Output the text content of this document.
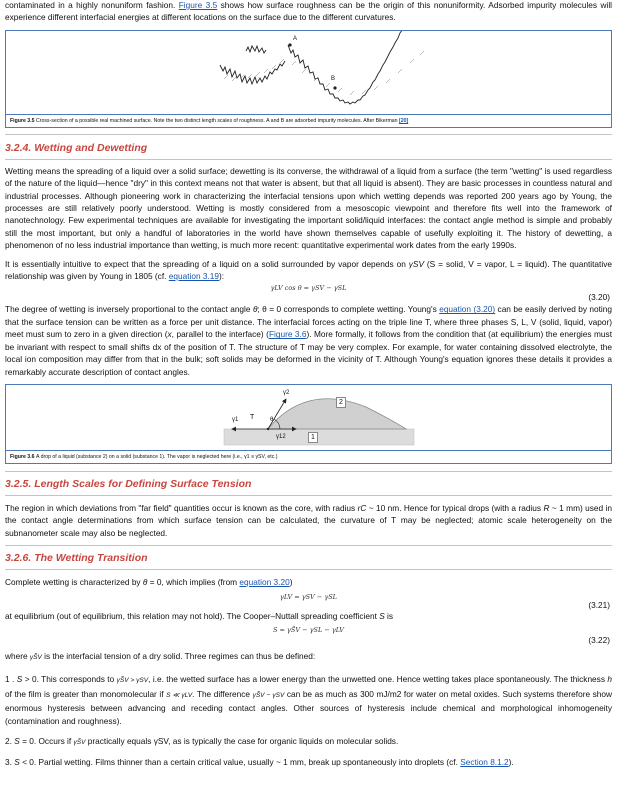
contaminated in a highly nonuniform fashion. Figure 3.5 shows how surface roughness can be the origin of this nonuniformity. Adsorbed impurity molecules will experience different interfacial energies at different locations on the surface due to the different curvatures.

A
B
Figure 3.5 Cross-section of a possible real machined surface. Note the two distinct length scales of roughness. A and B are adsorbed impurity molecules. After Bikerman [20]
3.2.4. Wetting and Dewetting

Wetting means the spreading of a liquid over a solid surface; dewetting is its converse, the withdrawal of a liquid from a surface (the term "wetting" is used regardless of the nature of the liquid—hence "dry" in this context means not that water is absent, but that all liquid is absent). They are basic processes in countless natural and industrial processes. Although pioneering work in characterizing the interfacial tensions upon which wetting depends was reported 200 years ago by Young, the processes are still relatively poorly understood. Wetting is mostly considered from a mesoscopic viewpoint and therefore fits well into the framework of nanotechnology. Few experimental techniques are available for investigating the important solid/liquid interfaces: the contact angle method is simple and probably still the most important, but only a handful of laboratories in the world have shown themselves capable of usefully exploiting it. The history of dewetting, a phenomenon of no less industrial importance than wetting, is much more recent: quantitative experimental work dates from the early 1990s.

It is essentially intuitive to expect that the spreading of a liquid on a solid surrounded by vapor depends on γSV (S = solid, V = vapor, L = liquid). The quantitative relationship was given by Young in 1805 (cf. equation 3.19):

γLV cos θ = γSV − γSL
(3.20)

The degree of wetting is inversely proportional to the contact angle θ; θ = 0 corresponds to complete wetting. Young's equation (3.20) can be easily derived by noting that the surface tension can be written as a force per unit distance. The interfacial forces acting on the triple line T, where three phases S, L, V (solid, liquid, vapor) meet must sum to zero in a given direction (x, parallel to the interface) (Figure 3.6). More formally, it follows from the condition that (at equilibrium) the energies must be invariant with respect to small shifts dx of the position of T. The structure of T may be very complex. For example, for water containing dissolved electrolyte, the local ion composition may differ from that in the bulk; soft solids may be deformed in the vicinity of T. Although Young's equation ignores these details it provides a remarkably accurate description of contact angles.

γ2
γ1 T	θ
γ12
2
1
Figure 3.6 A drop of a liquid (substance 2) on a solid (substance 1). The vapor is neglected here (i.e., γ1 ≡ γSV, etc.)
3.2.5. Length Scales for Defining Surface Tension

The region in which deviations from "far field" quantities occur is known as the core, with radius rC ~ 10 nm. Hence for typical drops (with a radius R ~ 1 mm) used in the contact angle determinations from which surface tension can be calculated, the curvature of T may be neglected; atomic scale heterogeneity on the subnanometer scale may also be neglected.

3.2.6. The Wetting Transition

Complete wetting is characterized by θ = 0, which implies (from equation 3.20)

γLV = γSV − γSL
(3.21)

at equilibrium (out of equilibrium, this relation may not hold). The Cooper–Nuttall spreading coefficient S is

S = γS̃V − γSL − γLV
(3.22)

where γS̃V is the interfacial tension of a dry solid. Three regimes can thus be defined:

1 . S > 0. This corresponds to γS̃V > γSV, i.e. the wetted surface has a lower energy than the unwetted one. Hence wetting takes place spontaneously. The thickness h of the film is greater than monomolecular if S ≪ γLV. The difference γS̃V − γSV can be as much as 300 mJ/m2 for water on metal oxides. Such systems therefore show enormous hysteresis between advancing and receding contact angles. Other sources of hysteresis include chemical and morphological inhomogeneity (contamination and roughness).

2. S = 0. Occurs if γS̃V practically equals γSV, as is typically the case for organic liquids on molecular solids.

3. S < 0. Partial wetting. Films thinner than a certain critical value, usually ~ 1 mm, break up spontaneously into droplets (cf. Section 8.1.2).
